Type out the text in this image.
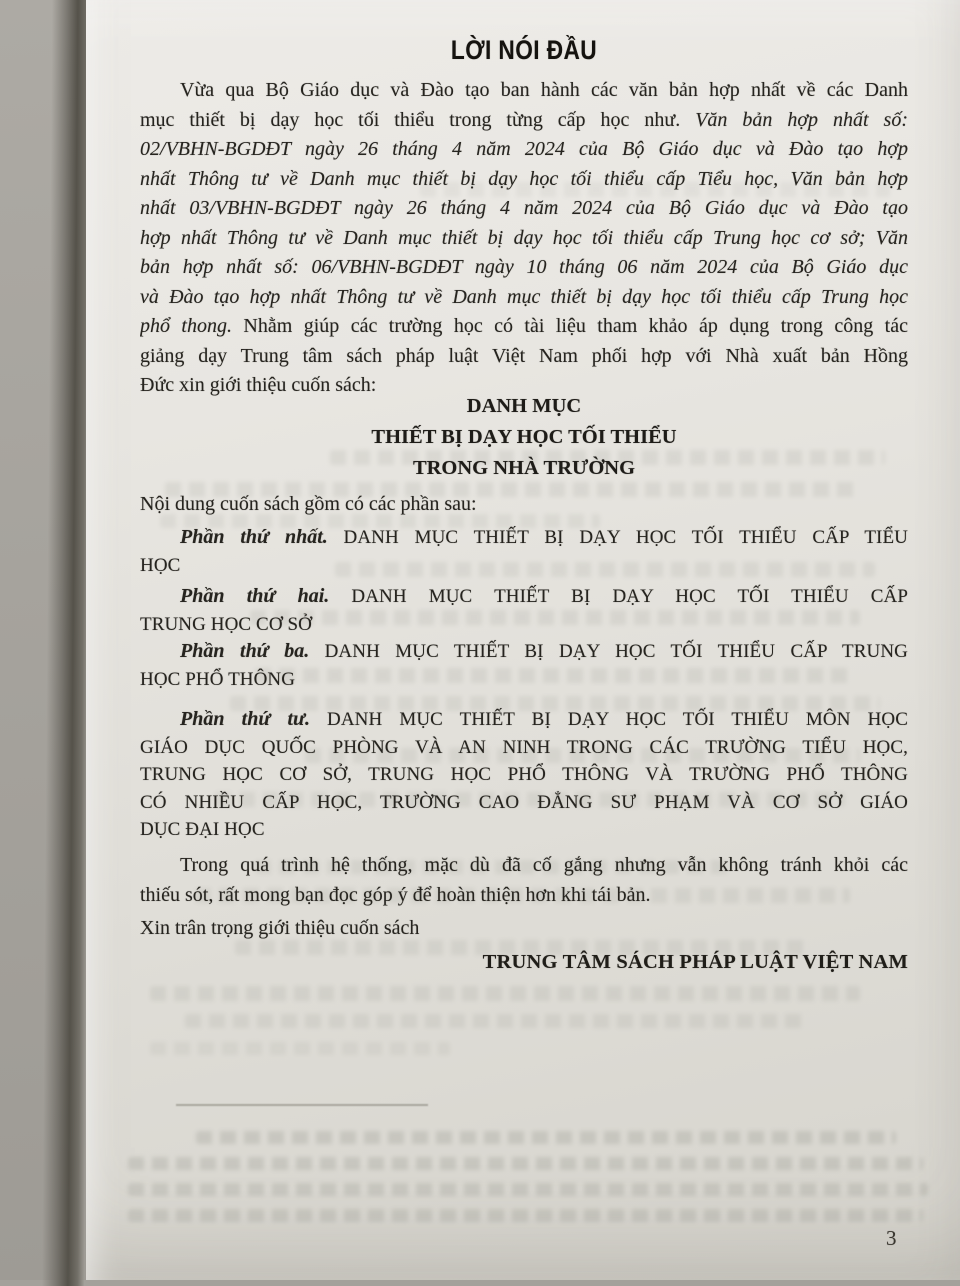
LỜI NÓI ĐẦU
Vừa qua Bộ Giáo dục và Đào tạo ban hành các văn bản hợp nhất về các Danh
mục thiết bị dạy học tối thiểu trong từng cấp học như. Văn bản hợp nhất số:
02/VBHN-BGDĐT ngày 26 tháng 4 năm 2024 của Bộ Giáo dục và Đào tạo hợp
nhất Thông tư về Danh mục thiết bị dạy học tối thiểu cấp Tiểu học, Văn bản hợp
nhất 03/VBHN-BGDĐT ngày 26 tháng 4 năm 2024 của Bộ Giáo dục và Đào tạo
hợp nhất Thông tư về Danh mục thiết bị dạy học tối thiểu cấp Trung học cơ sở; Văn
bản hợp nhất số: 06/VBHN-BGDĐT ngày 10 tháng 06 năm 2024 của Bộ Giáo dục
và Đào tạo hợp nhất Thông tư về Danh mục thiết bị dạy học tối thiểu cấp Trung học
phổ thong. Nhằm giúp các trường học có tài liệu tham khảo áp dụng trong công tác
giảng dạy Trung tâm sách pháp luật Việt Nam phối hợp với Nhà xuất bản Hồng
Đức xin giới thiệu cuốn sách:
DANH MỤC
THIẾT BỊ DẠY HỌC TỐI THIỂU
TRONG NHÀ TRƯỜNG
Nội dung cuốn sách gồm có các phần sau:
Phần thứ nhất. DANH MỤC THIẾT BỊ DẠY HỌC TỐI THIỂU CẤP TIỂU
HỌC
Phần thứ hai. DANH MỤC THIẾT BỊ DẠY HỌC TỐI THIỂU CẤP
TRUNG HỌC CƠ SỞ
Phần thứ ba. DANH MỤC THIẾT BỊ DẠY HỌC TỐI THIỂU CẤP TRUNG
HỌC PHỔ THÔNG
Phần thứ tư. DANH MỤC THIẾT BỊ DẠY HỌC TỐI THIỂU MÔN HỌC
GIÁO DỤC QUỐC PHÒNG VÀ AN NINH TRONG CÁC TRƯỜNG TIỂU HỌC,
TRUNG HỌC CƠ SỞ, TRUNG HỌC PHỔ THÔNG VÀ TRƯỜNG PHỔ THÔNG
CÓ NHIỀU CẤP HỌC, TRƯỜNG CAO ĐẲNG SƯ PHẠM VÀ CƠ SỞ GIÁO
DỤC ĐẠI HỌC
Trong quá trình hệ thống, mặc dù đã cố gắng nhưng vẫn không tránh khỏi các
thiếu sót, rất mong bạn đọc góp ý để hoàn thiện hơn khi tái bản.
Xin trân trọng giới thiệu cuốn sách
TRUNG TÂM SÁCH PHÁP LUẬT VIỆT NAM
3
